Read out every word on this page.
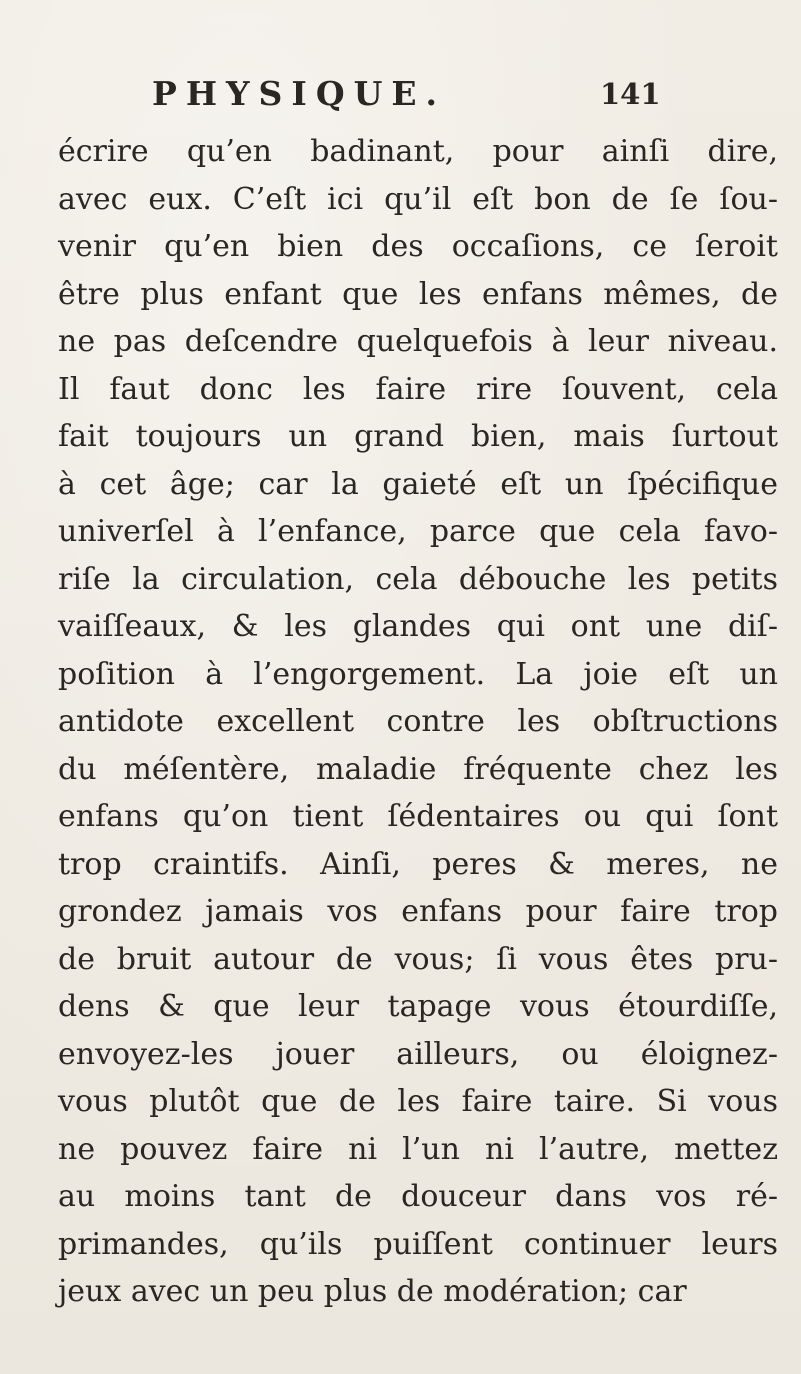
PHYSIQUE.	141
écrire qu’en badinant, pour ainſi dire,
avec eux. C’eſt ici qu’il eſt bon de ſe ſou-
venir qu’en bien des occaſions, ce ſeroit
être plus enfant que les enfans mêmes, de
ne pas deſcendre quelquefois à leur niveau.
Il faut donc les faire rire ſouvent, cela
fait toujours un grand bien, mais ſurtout
à cet âge; car la gaieté eſt un ſpécifique
univerſel à l’enfance, parce que cela favo-
riſe la circulation, cela débouche les petits
vaiſſeaux, & les glandes qui ont une diſ-
poſition à l’engorgement. La joie eſt un
antidote excellent contre les obſtructions
du méſentère, maladie fréquente chez les
enfans qu’on tient ſédentaires ou qui ſont
trop craintifs. Ainſi, peres & meres, ne
grondez jamais vos enfans pour faire trop
de bruit autour de vous; ſi vous êtes pru-
dens & que leur tapage vous étourdiſſe,
envoyez-les jouer ailleurs, ou éloignez-
vous plutôt que de les faire taire. Si vous
ne pouvez faire ni l’un ni l’autre, mettez
au moins tant de douceur dans vos ré-
primandes, qu’ils puiſſent continuer leurs
jeux avec un peu plus de modération; car
